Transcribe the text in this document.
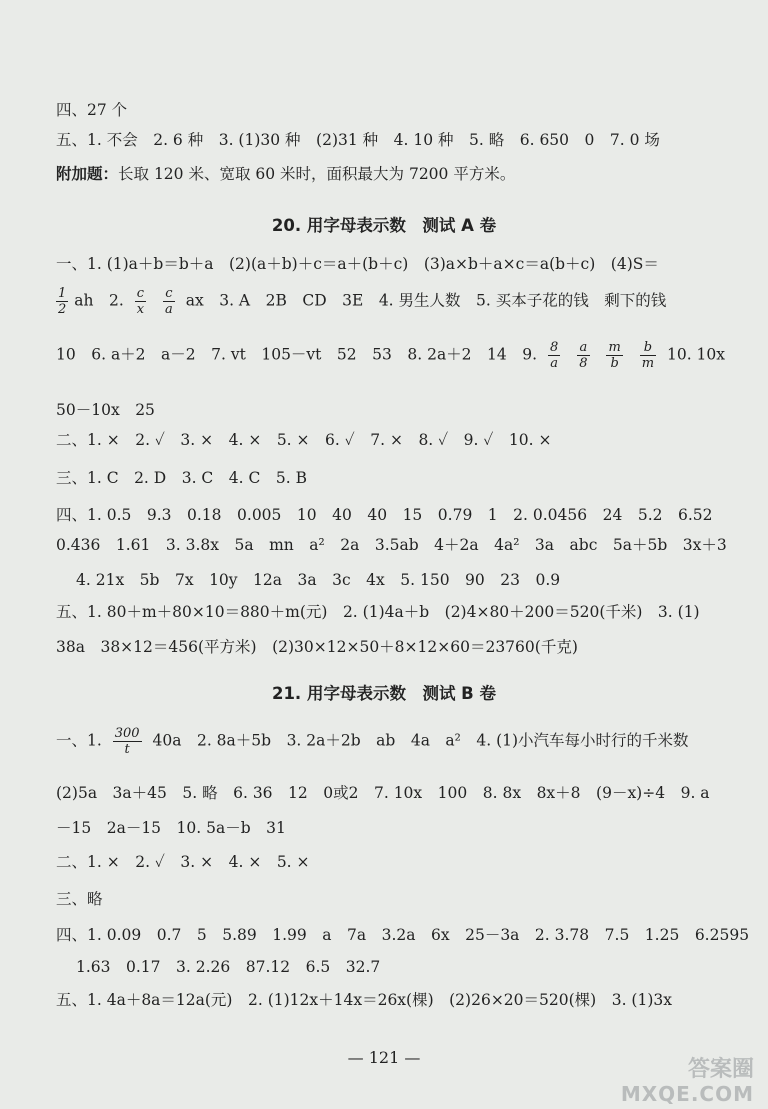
四、27 个
五、1. 不会　2. 6 种　3. (1)30 种　(2)31 种　4. 10 种　5. 略　6. 650　0　7. 0 场
附加题：长取 120 米、宽取 60 米时，面积最大为 7200 平方米。
20. 用字母表示数　测试 A 卷
一、1. (1)a＋b＝b＋a　(2)(a＋b)＋c＝a＋(b＋c)　(3)a×b＋a×c＝a(b＋c)　(4)S＝
$\frac{1}{2}$ ah　2. $\frac{c}{x}$
$\frac{c}{a}$ ax　3. A　2B　CD　3E　4. 男生人数　5. 买本子花的钱　剩下的钱
10　6. a＋2　a－2　7. vt　105－vt　52　53　8. 2a＋2　14　9. $\frac{8}{a}$
$\frac{a}{8}$
$\frac{m}{b}$
$\frac{b}{m} 10$. 10x
50－10x　25
二、1. ×　2. ✓　3. ×　4. ×　5. ×　6. ✓　7. ×　8. ✓　9. ✓　10. ×
三、1. C　2. D　3. C　4. C　5. B
四、1. 0.5　9.3　0.18　0.005　10　40　40　15　0.79　1　2. 0.0456　24　5.2　6.52
0.436　1.61　3. 3.8x　5a　mn　a²　2a　3.5ab　4＋2a　4a²　3a　abc　5a＋5b　3x＋3
4. 21x　5b　7x　10y　12a　3a　3c　4x　5. 150　90　23　0.9
五、1. 80＋m＋80×10＝880＋m(元)　2. (1)4a＋b　(2)4×80＋200＝520(千米)　3. (1)
38a　38×12＝456(平方米)　(2)30×12×50＋8×12×60＝23760(千克)
21. 用字母表示数　测试 B 卷
一、1. $\frac{300}{t} 40a$　2. 8a＋5b　3. 2a＋2b　ab　4a　a²　4. (1)小汽车每小时行的千米数
(2)5a　3a＋45　5. 略　6. 36　12　0或2　7. 10x　100　8. 8x　8x＋8　(9－x)÷4　9. a
－15　2a－15　10. 5a－b　31
二、1. ×　2. ✓　3. ×　4. ×　5. ×
三、略
四、1. 0.09　0.7　5　5.89　1.99　a　7a　3.2a　6x　25－3a　2. 3.78　7.5　1.25　6.2595
1.63　0.17　3. 2.26　87.12　6.5　32.7
五、1. 4a＋8a＝12a(元)　2. (1)12x＋14x＝26x(棵)　(2)26×20＝520(棵)　3. (1)3x
— 121 —	答案圈
MXQE.COM
